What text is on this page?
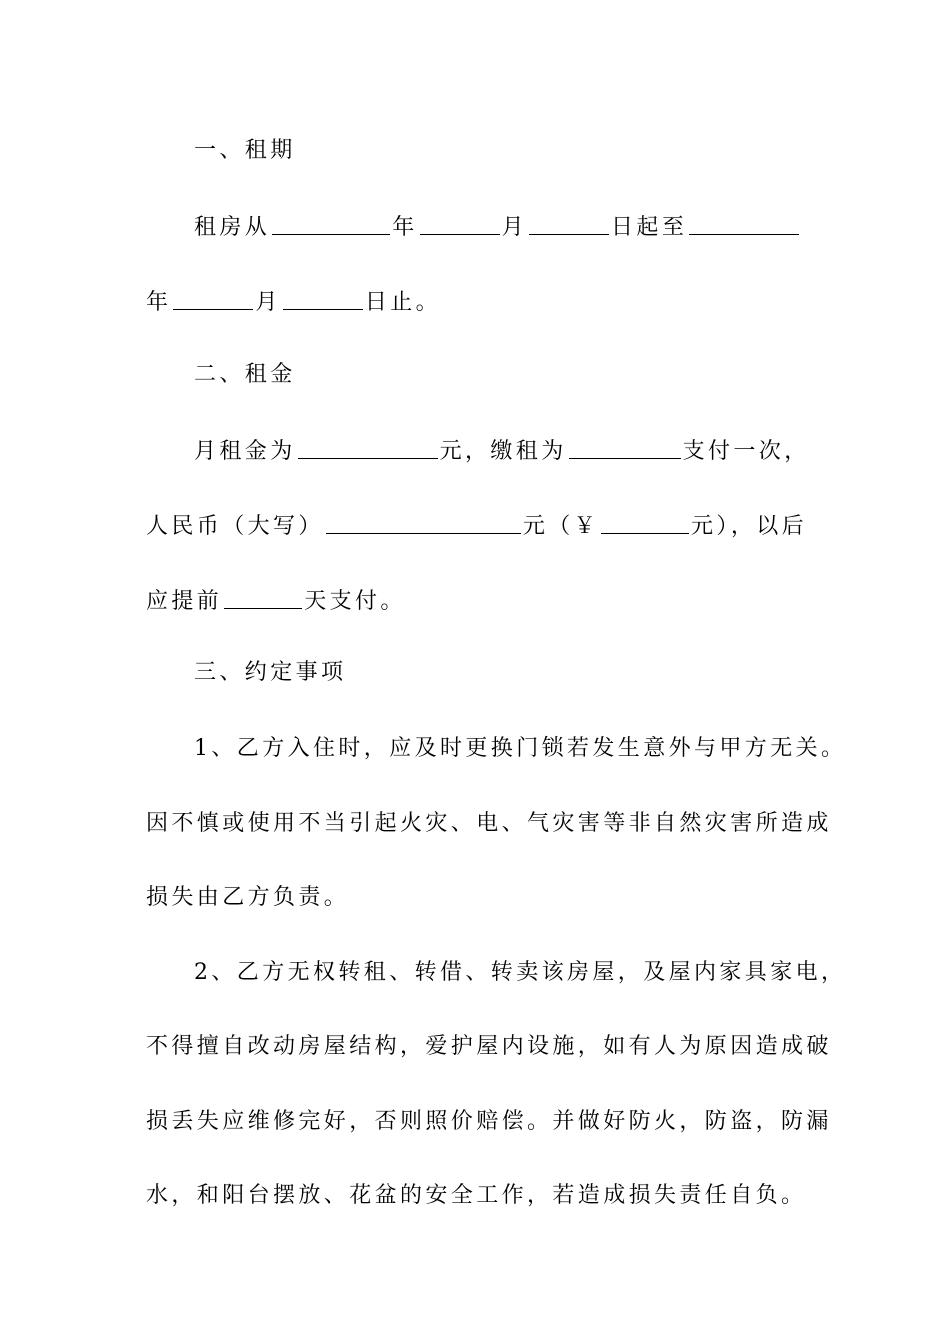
一、租期
租房从	年	月	日起至
年	月	日止。
二、租金
月租金为	元，缴租为	支付一次，
人民币（大写）	元（￥	元），以后
应提前	天支付。
三、约定事项
1、乙方入住时，应及时更换门锁若发生意外与甲方无关。
因不慎或使用不当引起火灾、电、气灾害等非自然灾害所造成
损失由乙方负责。
2、乙方无权转租、转借、转卖该房屋，及屋内家具家电，
不得擅自改动房屋结构，爱护屋内设施，如有人为原因造成破
损丢失应维修完好，否则照价赔偿。并做好防火，防盗，防漏
水，和阳台摆放、花盆的安全工作，若造成损失责任自负。
